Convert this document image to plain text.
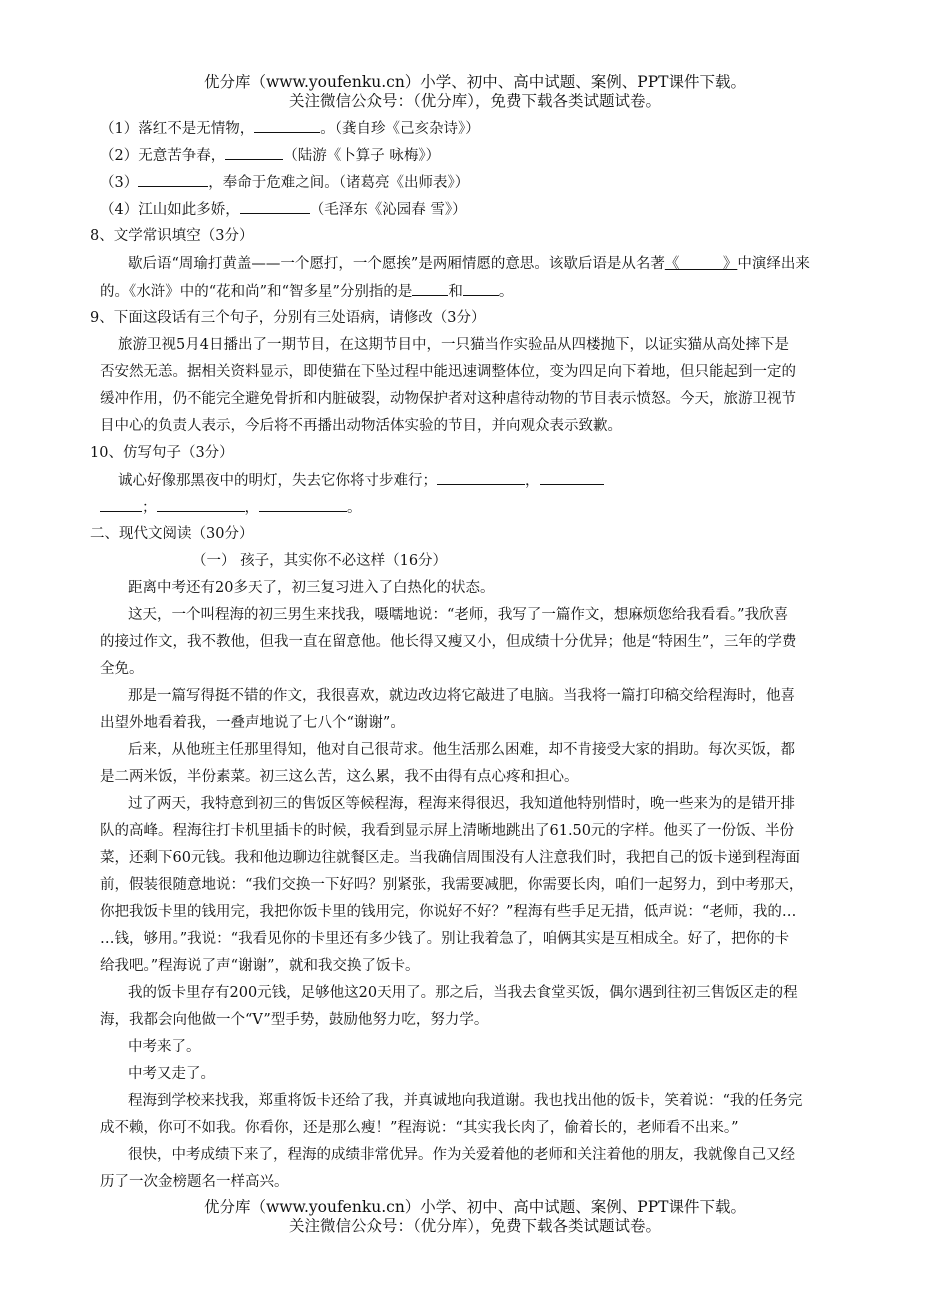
优分库（www.youfenku.cn）小学、初中、高中试题、案例、PPT课件下载。
关注微信公众号：（优分库），免费下载各类试题试卷。
（1）落红不是无情物，	。（龚自珍《己亥杂诗》）
（2）无意苦争春，	（陆游《卜算子 咏梅》）
（3）	，奉命于危难之间。（诸葛亮《出师表》）
（4）江山如此多娇，	（毛泽东《沁园春 雪》）
8、文学常识填空（3分）
歇后语“周瑜打黄盖——一个愿打，一个愿挨”是两厢情愿的意思。该歇后语是从名著《　　　》中演绎出来
的。《水浒》中的“花和尚”和“智多星”分别指的是 和 。
9、下面这段话有三个句子，分别有三处语病，请修改（3分）
旅游卫视5月4日播出了一期节目，在这期节目中，一只猫当作实验品从四楼抛下，以证实猫从高处摔下是
否安然无恙。据相关资料显示，即使猫在下坠过程中能迅速调整体位，变为四足向下着地，但只能起到一定的
缓冲作用，仍不能完全避免骨折和内脏破裂，动物保护者对这种虐待动物的节目表示愤怒。今天，旅游卫视节
目中心的负责人表示，今后将不再播出动物活体实验的节目，并向观众表示致歉。
10、仿写句子（3分）
诚心好像那黑夜中的明灯，失去它你将寸步难行；	，
；	，	。
二、现代文阅读（30分）
（一） 孩子，其实你不必这样（16分）
距离中考还有20多天了，初三复习进入了白热化的状态。
这天，一个叫程海的初三男生来找我，嗫嚅地说：“老师，我写了一篇作文，想麻烦您给我看看。”我欣喜
的接过作文，我不教他，但我一直在留意他。他长得又瘦又小，但成绩十分优异；他是“特困生”，三年的学费
全免。
那是一篇写得挺不错的作文，我很喜欢，就边改边将它敲进了电脑。当我将一篇打印稿交给程海时，他喜
出望外地看着我，一叠声地说了七八个“谢谢”。
后来，从他班主任那里得知，他对自己很苛求。他生活那么困难，却不肯接受大家的捐助。每次买饭，都
是二两米饭，半份素菜。初三这么苦，这么累，我不由得有点心疼和担心。
过了两天，我特意到初三的售饭区等候程海，程海来得很迟，我知道他特别惜时，晚一些来为的是错开排
队的高峰。程海往打卡机里插卡的时候，我看到显示屏上清晰地跳出了61.50元的字样。他买了一份饭、半份
菜，还剩下60元钱。我和他边聊边往就餐区走。当我确信周围没有人注意我们时，我把自己的饭卡递到程海面
前，假装很随意地说：“我们交换一下好吗？别紧张，我需要减肥，你需要长肉，咱们一起努力，到中考那天，
你把我饭卡里的钱用完，我把你饭卡里的钱用完，你说好不好？”程海有些手足无措，低声说：“老师，我的…
…钱，够用。”我说：“我看见你的卡里还有多少钱了。别让我着急了，咱俩其实是互相成全。好了，把你的卡
给我吧。”程海说了声“谢谢”，就和我交换了饭卡。
我的饭卡里存有200元钱，足够他这20天用了。那之后，当我去食堂买饭，偶尔遇到往初三售饭区走的程
海，我都会向他做一个“V”型手势，鼓励他努力吃，努力学。
中考来了。
中考又走了。
程海到学校来找我，郑重将饭卡还给了我，并真诚地向我道谢。我也找出他的饭卡，笑着说：“我的任务完
成不赖，你可不如我。你看你，还是那么瘦！”程海说：“其实我长肉了，偷着长的，老师看不出来。”
很快，中考成绩下来了，程海的成绩非常优异。作为关爱着他的老师和关注着他的朋友，我就像自己又经
历了一次金榜题名一样高兴。
优分库（www.youfenku.cn）小学、初中、高中试题、案例、PPT课件下载。
关注微信公众号：（优分库），免费下载各类试题试卷。
